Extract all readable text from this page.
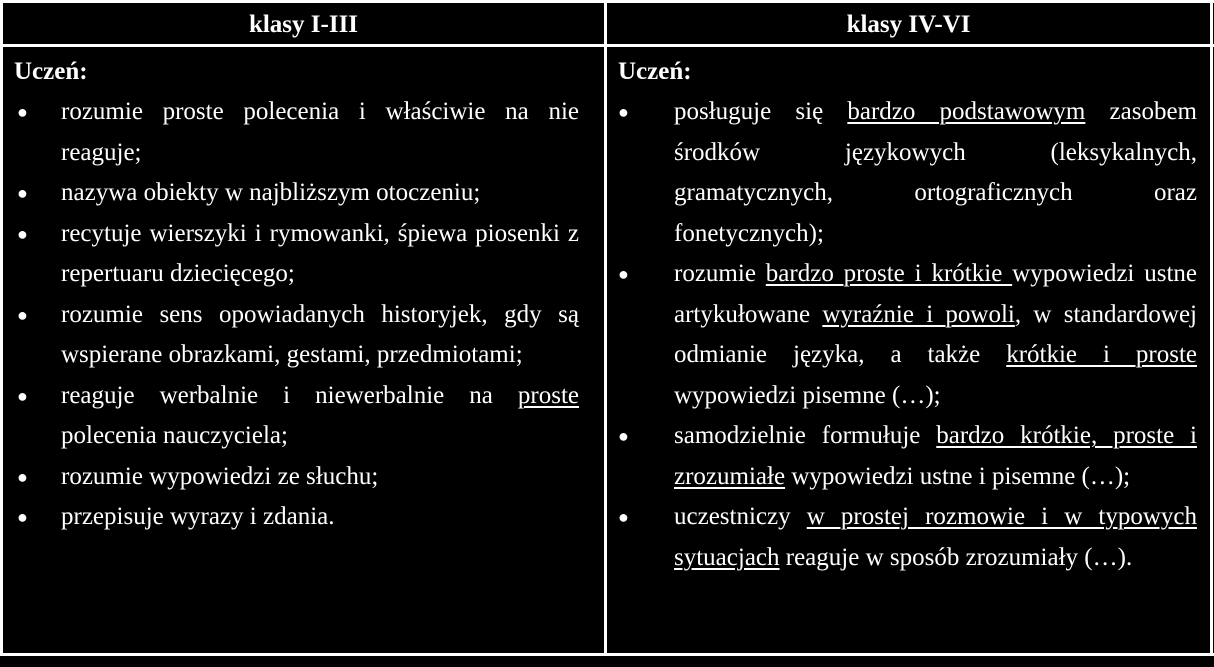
klasy I-III	klasy IV-VI
Uczeń:
● rozumie proste polecenia i właściwie na nie reaguje;
● nazywa obiekty w najbliższym otoczeniu;
● recytuje wierszyki i rymowanki, śpiewa piosenki z repertuaru dziecięcego;
● rozumie sens opowiadanych historyjek, gdy są wspierane obrazkami, gestami, przedmiotami;
● reaguje werbalnie i niewerbalnie na proste polecenia nauczyciela;
● rozumie wypowiedzi ze słuchu;
● przepisuje wyrazy i zdania.
Uczeń:
● posługuje się bardzo podstawowym zasobem środków językowych (leksykalnych, gramatycznych, ortograficznych oraz fonetycznych);
● rozumie bardzo proste i krótkie wypowiedzi ustne artykułowane wyraźnie i powoli, w standardowej odmianie języka, a także krótkie i proste wypowiedzi pisemne (…);
● samodzielnie formułuje bardzo krótkie, proste i zrozumiałe wypowiedzi ustne i pisemne (…);
● uczestniczy w prostej rozmowie i w typowych sytuacjach reaguje w sposób zrozumiały (…).
